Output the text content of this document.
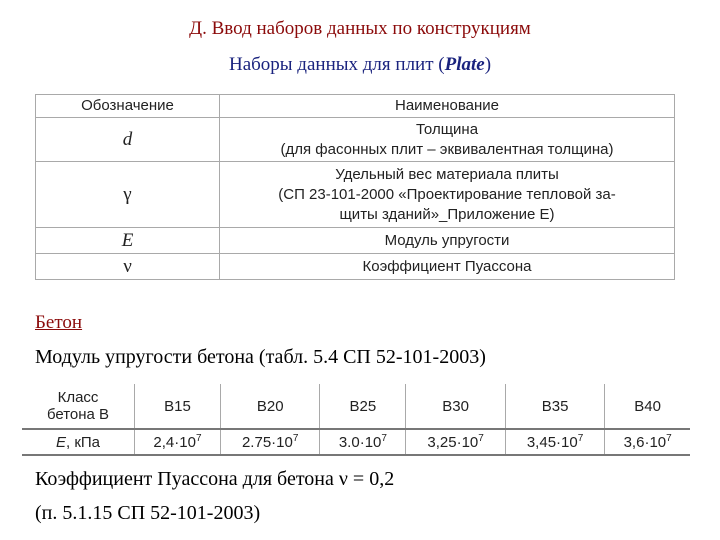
Д. Ввод наборов данных по конструкциям
Наборы данных для плит (Plate)
Обозначение	Наименование
d	Толщина
(для фасонных плит – эквивалентная толщина)

γ	Удельный вес материала плиты
(СП 23-101-2000 «Проектирование тепловой за-
щиты зданий»_Приложение Е)

E	Модуль упругости

ν	Коэффициент Пуассона
Бетон
Модуль упругости бетона (табл. 5.4 СП 52-101-2003)
Класс
бетона В	B15	B20	B25	B30	B35	B40
E, кПа	$2,4\cdot 10^7$	$2.75\cdot 10^7$	$3.0\cdot 10^7$	$3,25\cdot 10^7$	$3,45\cdot 10^7$	$3,6\cdot 10^7$
Коэффициент Пуассона для бетона ν = 0,2
(п. 5.1.15 СП 52-101-2003)
